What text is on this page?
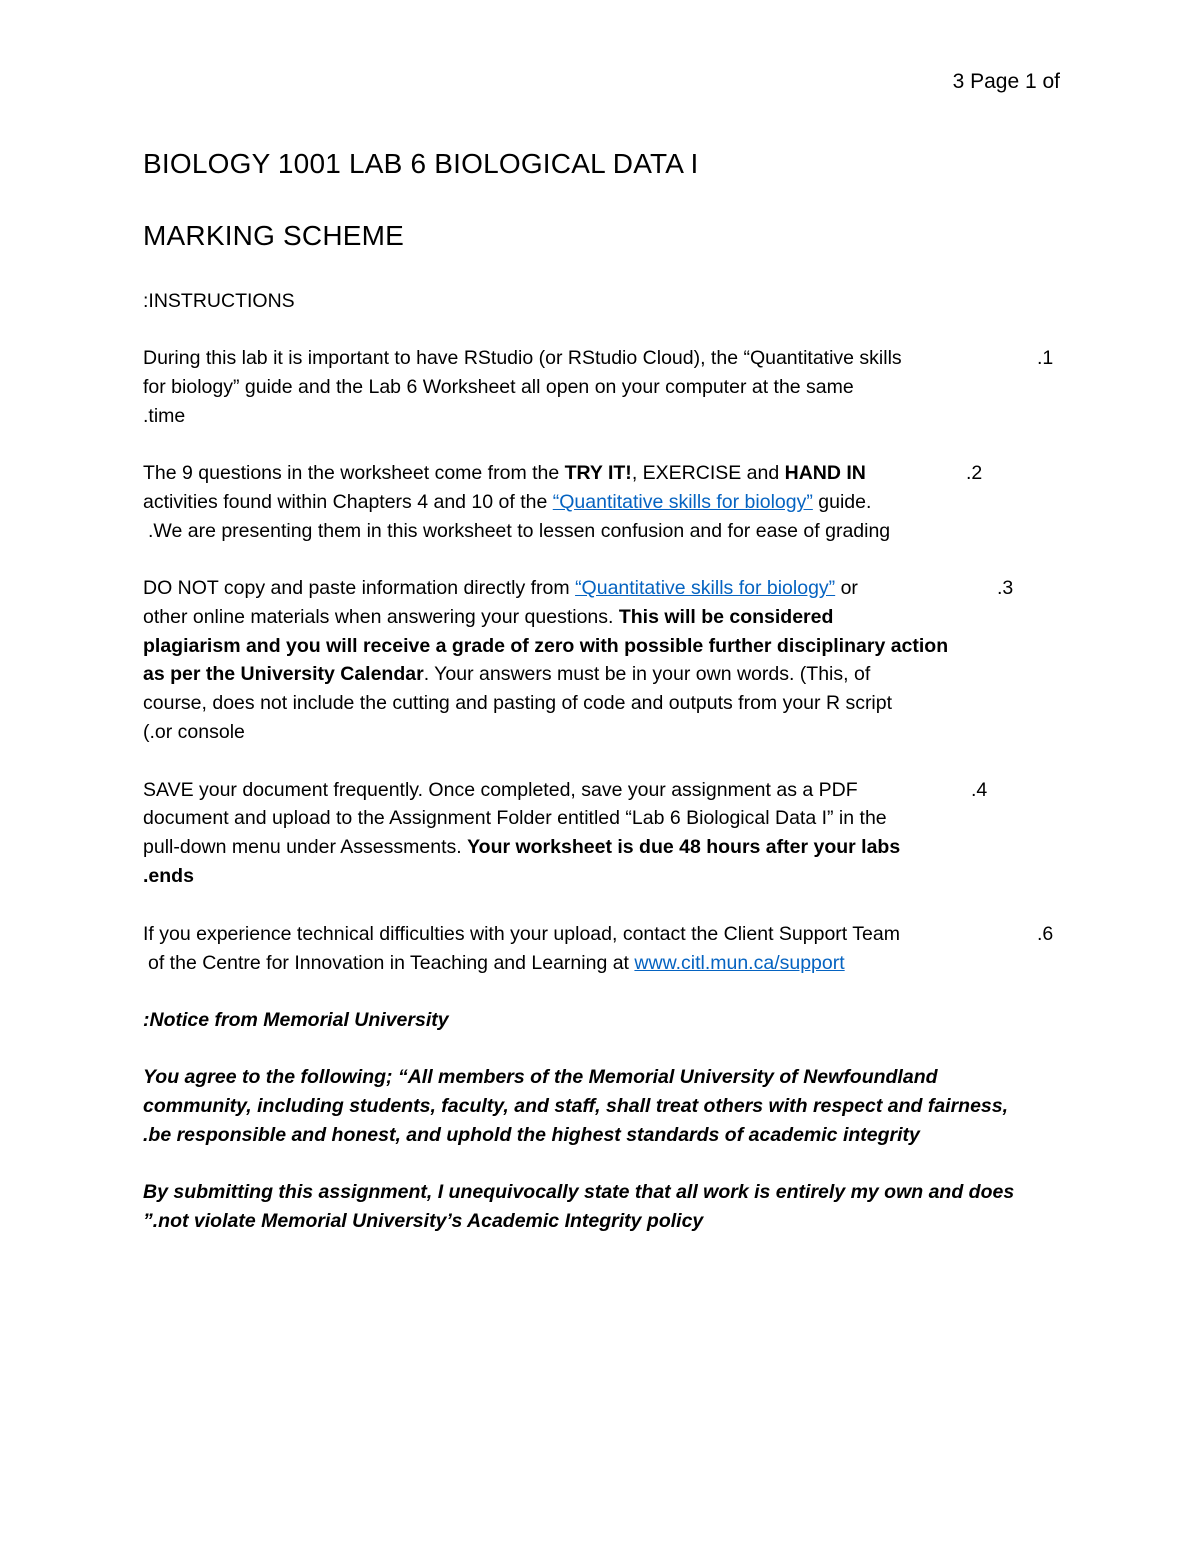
3 Page 1 of
BIOLOGY 1001 LAB 6 BIOLOGICAL DATA I
MARKING SCHEME
:INSTRUCTIONS
.1
During this lab it is important to have RStudio (or RStudio Cloud), the “Quantitative skills
for biology” guide and the Lab 6 Worksheet all open on your computer at the same
.time
.2
The 9 questions in the worksheet come from the TRY IT!, EXERCISE and HAND IN
activities found within Chapters 4 and 10 of the “Quantitative skills for biology” guide.
.We are presenting them in this worksheet to lessen confusion and for ease of grading
.3
DO NOT copy and paste information directly from “Quantitative skills for biology” or
other online materials when answering your questions. This will be considered
plagiarism and you will receive a grade of zero with possible further disciplinary action
as per the University Calendar. Your answers must be in your own words. (This, of
course, does not include the cutting and pasting of code and outputs from your R script
(.or console
.4
SAVE your document frequently. Once completed, save your assignment as a PDF
document and upload to the Assignment Folder entitled “Lab 6 Biological Data I” in the
pull-down menu under Assessments. Your worksheet is due 48 hours after your labs
.ends
.6
If you experience technical difficulties with your upload, contact the Client Support Team
of the Centre for Innovation in Teaching and Learning at www.citl.mun.ca/support
:Notice from Memorial University
You agree to the following; “All members of the Memorial University of Newfoundland
community, including students, faculty, and staff, shall treat others with respect and fairness,
.be responsible and honest, and uphold the highest standards of academic integrity
By submitting this assignment, I unequivocally state that all work is entirely my own and does
”.not violate Memorial University’s Academic Integrity policy
